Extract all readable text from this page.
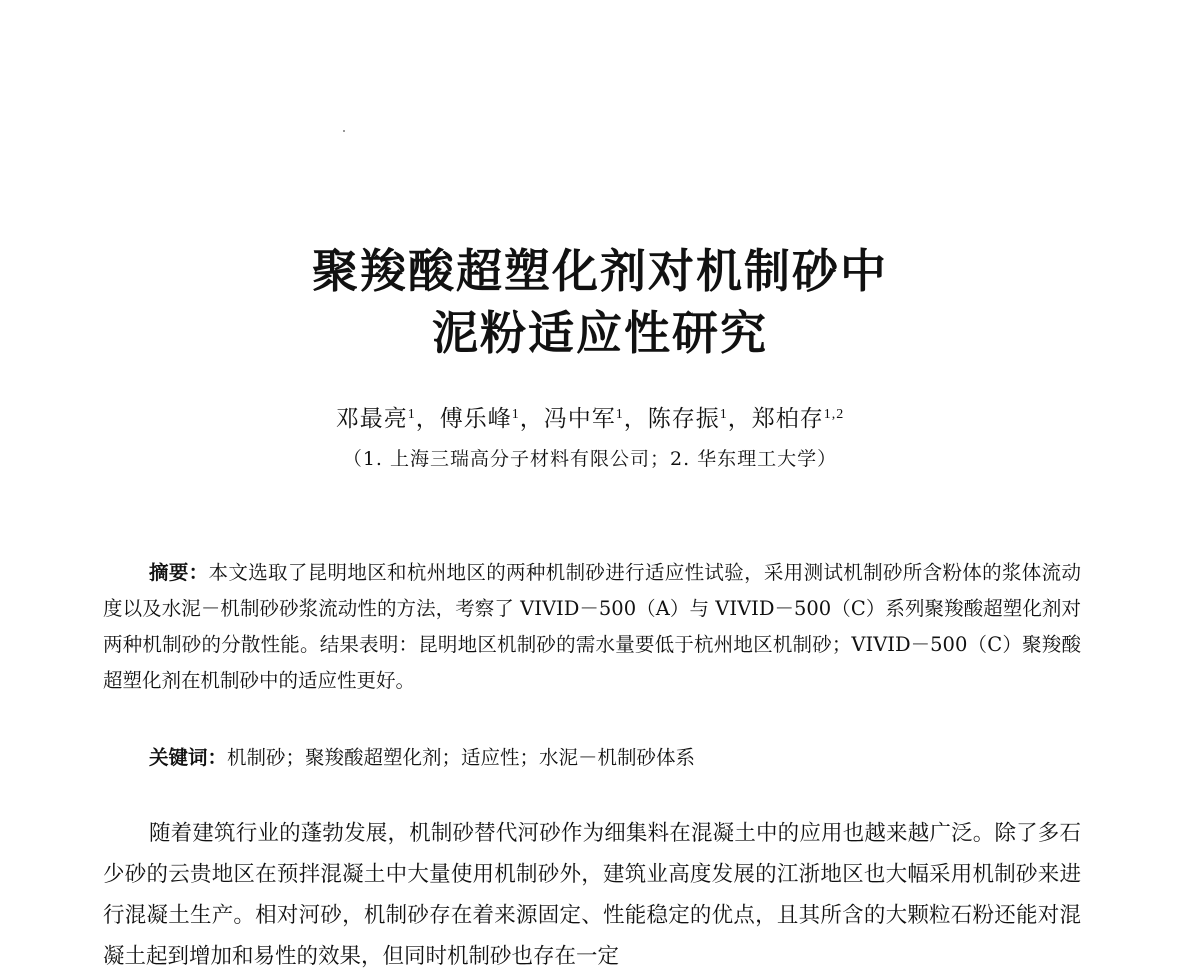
聚羧酸超塑化剂对机制砂中
泥粉适应性研究
邓最亮$^1$，傅乐峰$^1$，冯中军$^1$，陈存振$^1$，郑柏存$^{1,2}$
（1. 上海三瑞高分子材料有限公司；2. 华东理工大学）

摘要：本文选取了昆明地区和杭州地区的两种机制砂进行适应性试验，采用测试机制砂所含粉体的浆体流动度以及水泥－机制砂砂浆流动性的方法，考察了 VIVID－500（A）与 VIVID－500（C）系列聚羧酸超塑化剂对两种机制砂的分散性能。结果表明：昆明地区机制砂的需水量要低于杭州地区机制砂；VIVID－500（C）聚羧酸超塑化剂在机制砂中的适应性更好。

关键词：机制砂；聚羧酸超塑化剂；适应性；水泥－机制砂体系

随着建筑行业的蓬勃发展，机制砂替代河砂作为细集料在混凝土中的应用也越来越广泛。除了多石少砂的云贵地区在预拌混凝土中大量使用机制砂外，建筑业高度发展的江浙地区也大幅采用机制砂来进行混凝土生产。相对河砂，机制砂存在着来源固定、性能稳定的优点，且其所含的大颗粒石粉还能对混凝土起到增加和易性的效果，但同时机制砂也存在一定
